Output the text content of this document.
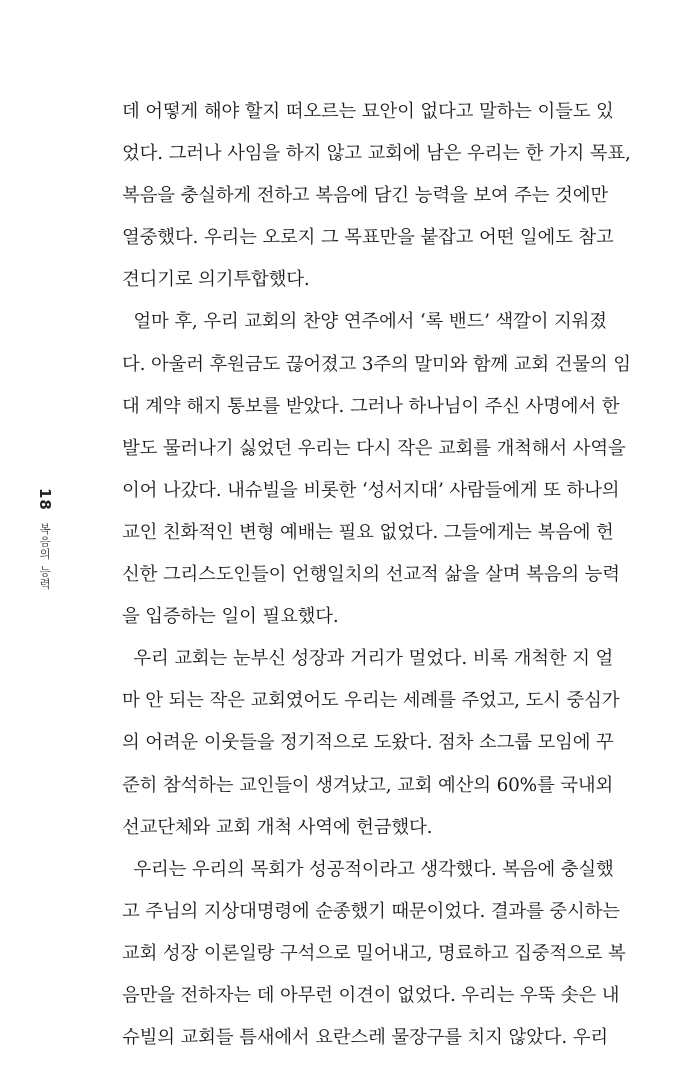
18
복음의 능력
데 어떻게 해야 할지 떠오르는 묘안이 없다고 말하는 이들도 있
었다. 그러나 사임을 하지 않고 교회에 남은 우리는 한 가지 목표,
복음을 충실하게 전하고 복음에 담긴 능력을 보여 주는 것에만
열중했다. 우리는 오로지 그 목표만을 붙잡고 어떤 일에도 참고
견디기로 의기투합했다.
얼마 후, 우리 교회의 찬양 연주에서 ‘록 밴드’ 색깔이 지워졌
다. 아울러 후원금도 끊어졌고 3주의 말미와 함께 교회 건물의 임
대 계약 해지 통보를 받았다. 그러나 하나님이 주신 사명에서 한
발도 물러나기 싫었던 우리는 다시 작은 교회를 개척해서 사역을
이어 나갔다. 내슈빌을 비롯한 ‘성서지대’ 사람들에게 또 하나의
교인 친화적인 변형 예배는 필요 없었다. 그들에게는 복음에 헌
신한 그리스도인들이 언행일치의 선교적 삶을 살며 복음의 능력
을 입증하는 일이 필요했다.
우리 교회는 눈부신 성장과 거리가 멀었다. 비록 개척한 지 얼
마 안 되는 작은 교회였어도 우리는 세례를 주었고, 도시 중심가
의 어려운 이웃들을 정기적으로 도왔다. 점차 소그룹 모임에 꾸
준히 참석하는 교인들이 생겨났고, 교회 예산의 60%를 국내외
선교단체와 교회 개척 사역에 헌금했다.
우리는 우리의 목회가 성공적이라고 생각했다. 복음에 충실했
고 주님의 지상대명령에 순종했기 때문이었다. 결과를 중시하는
교회 성장 이론일랑 구석으로 밀어내고, 명료하고 집중적으로 복
음만을 전하자는 데 아무런 이견이 없었다. 우리는 우뚝 솟은 내
슈빌의 교회들 틈새에서 요란스레 물장구를 치지 않았다. 우리
